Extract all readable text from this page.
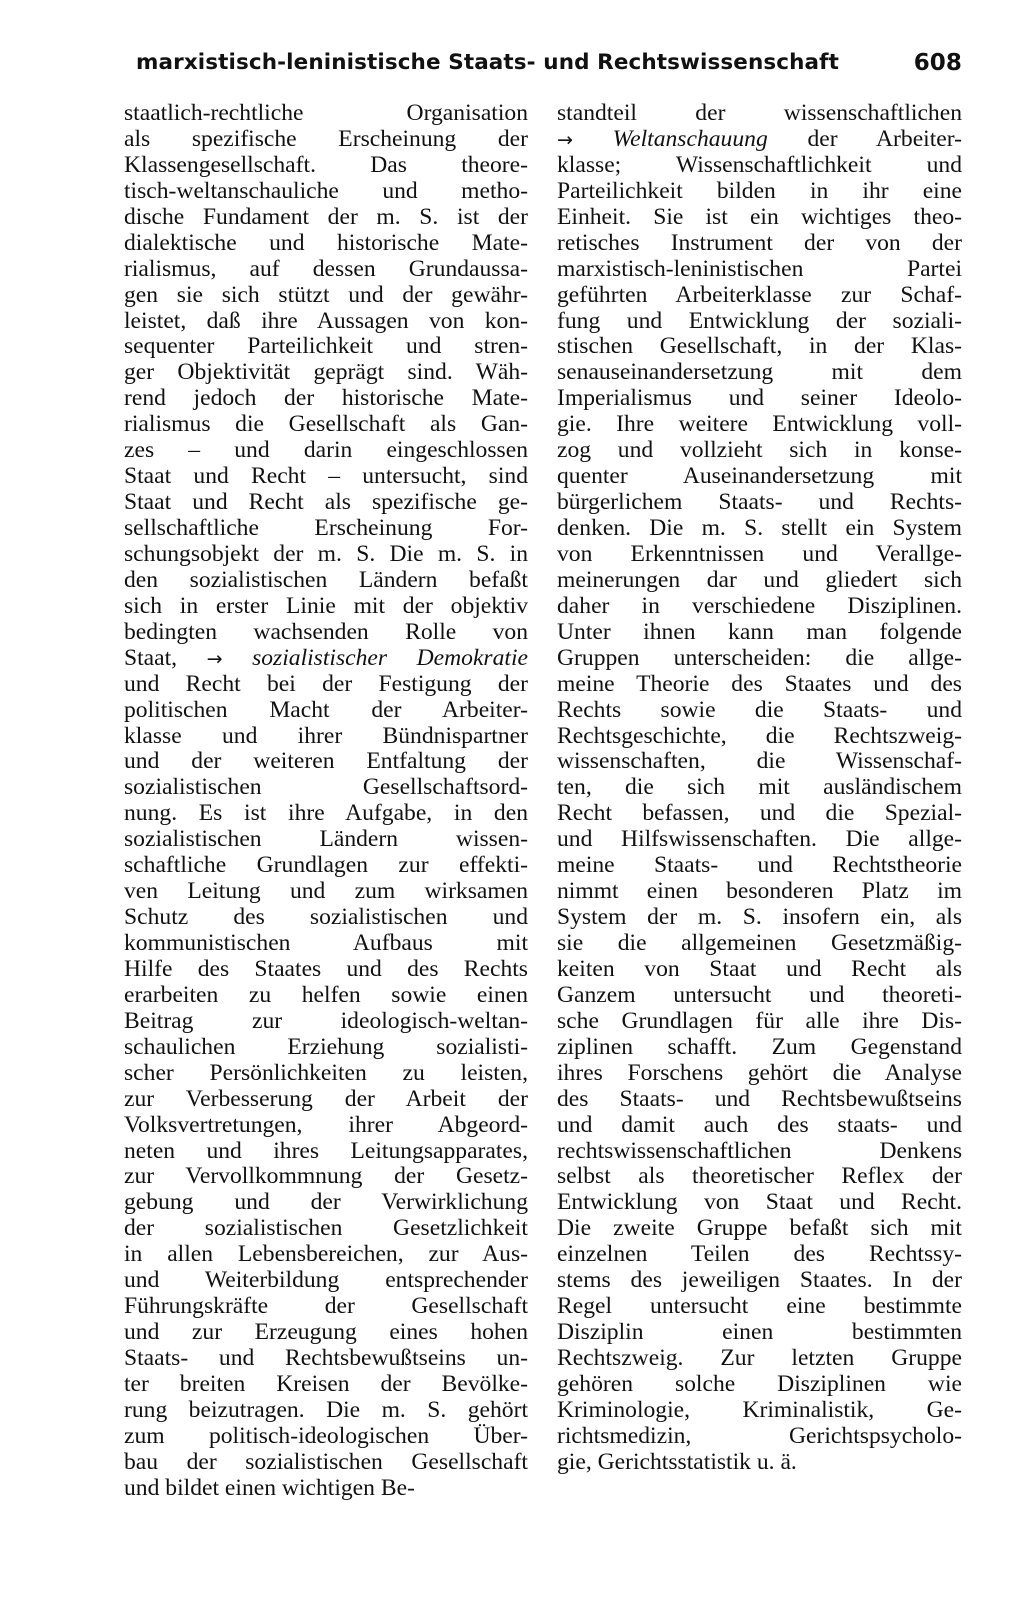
marxistisch-leninistische Staats- und Rechtswissenschaft	608
staatlich-rechtliche Organisation
als spezifische Erscheinung der
Klassengesellschaft. Das theore-
tisch-weltanschauliche und metho-
dische Fundament der m. S. ist der
dialektische und historische Mate-
rialismus, auf dessen Grundaussa-
gen sie sich stützt und der gewähr-
leistet, daß ihre Aussagen von kon-
sequenter Parteilichkeit und stren-
ger Objektivität geprägt sind. Wäh-
rend jedoch der historische Mate-
rialismus die Gesellschaft als Gan-
zes – und darin eingeschlossen
Staat und Recht – untersucht, sind
Staat und Recht als spezifische ge-
sellschaftliche Erscheinung For-
schungsobjekt der m. S. Die m. S. in
den sozialistischen Ländern befaßt
sich in erster Linie mit der objektiv
bedingten wachsenden Rolle von
Staat, → sozialistischer Demokratie
und Recht bei der Festigung der
politischen Macht der Arbeiter-
klasse und ihrer Bündnispartner
und der weiteren Entfaltung der
sozialistischen Gesellschaftsord-
nung. Es ist ihre Aufgabe, in den
sozialistischen Ländern wissen-
schaftliche Grundlagen zur effekti-
ven Leitung und zum wirksamen
Schutz des sozialistischen und
kommunistischen Aufbaus mit
Hilfe des Staates und des Rechts
erarbeiten zu helfen sowie einen
Beitrag zur ideologisch-weltan-
schaulichen Erziehung sozialisti-
scher Persönlichkeiten zu leisten,
zur Verbesserung der Arbeit der
Volksvertretungen, ihrer Abgeord-
neten und ihres Leitungsapparates,
zur Vervollkommnung der Gesetz-
gebung und der Verwirklichung
der sozialistischen Gesetzlichkeit
in allen Lebensbereichen, zur Aus-
und Weiterbildung entsprechender
Führungskräfte der Gesellschaft
und zur Erzeugung eines hohen
Staats- und Rechtsbewußtseins un-
ter breiten Kreisen der Bevölke-
rung beizutragen. Die m. S. gehört
zum politisch-ideologischen Über-
bau der sozialistischen Gesellschaft
und bildet einen wichtigen Be-
standteil der wissenschaftlichen
→ Weltanschauung der Arbeiter-
klasse; Wissenschaftlichkeit und
Parteilichkeit bilden in ihr eine
Einheit. Sie ist ein wichtiges theo-
retisches Instrument der von der
marxistisch-leninistischen Partei
geführten Arbeiterklasse zur Schaf-
fung und Entwicklung der soziali-
stischen Gesellschaft, in der Klas-
senauseinandersetzung mit dem
Imperialismus und seiner Ideolo-
gie. Ihre weitere Entwicklung voll-
zog und vollzieht sich in konse-
quenter Auseinandersetzung mit
bürgerlichem Staats- und Rechts-
denken. Die m. S. stellt ein System
von Erkenntnissen und Verallge-
meinerungen dar und gliedert sich
daher in verschiedene Disziplinen.
Unter ihnen kann man folgende
Gruppen unterscheiden: die allge-
meine Theorie des Staates und des
Rechts sowie die Staats- und
Rechtsgeschichte, die Rechtszweig-
wissenschaften, die Wissenschaf-
ten, die sich mit ausländischem
Recht befassen, und die Spezial-
und Hilfswissenschaften. Die allge-
meine Staats- und Rechtstheorie
nimmt einen besonderen Platz im
System der m. S. insofern ein, als
sie die allgemeinen Gesetzmäßig-
keiten von Staat und Recht als
Ganzem untersucht und theoreti-
sche Grundlagen für alle ihre Dis-
ziplinen schafft. Zum Gegenstand
ihres Forschens gehört die Analyse
des Staats- und Rechtsbewußtseins
und damit auch des staats- und
rechtswissenschaftlichen Denkens
selbst als theoretischer Reflex der
Entwicklung von Staat und Recht.
Die zweite Gruppe befaßt sich mit
einzelnen Teilen des Rechtssy-
stems des jeweiligen Staates. In der
Regel untersucht eine bestimmte
Disziplin einen bestimmten
Rechtszweig. Zur letzten Gruppe
gehören solche Disziplinen wie
Kriminologie, Kriminalistik, Ge-
richtsmedizin, Gerichtspsycholo-
gie, Gerichtsstatistik u. ä.
